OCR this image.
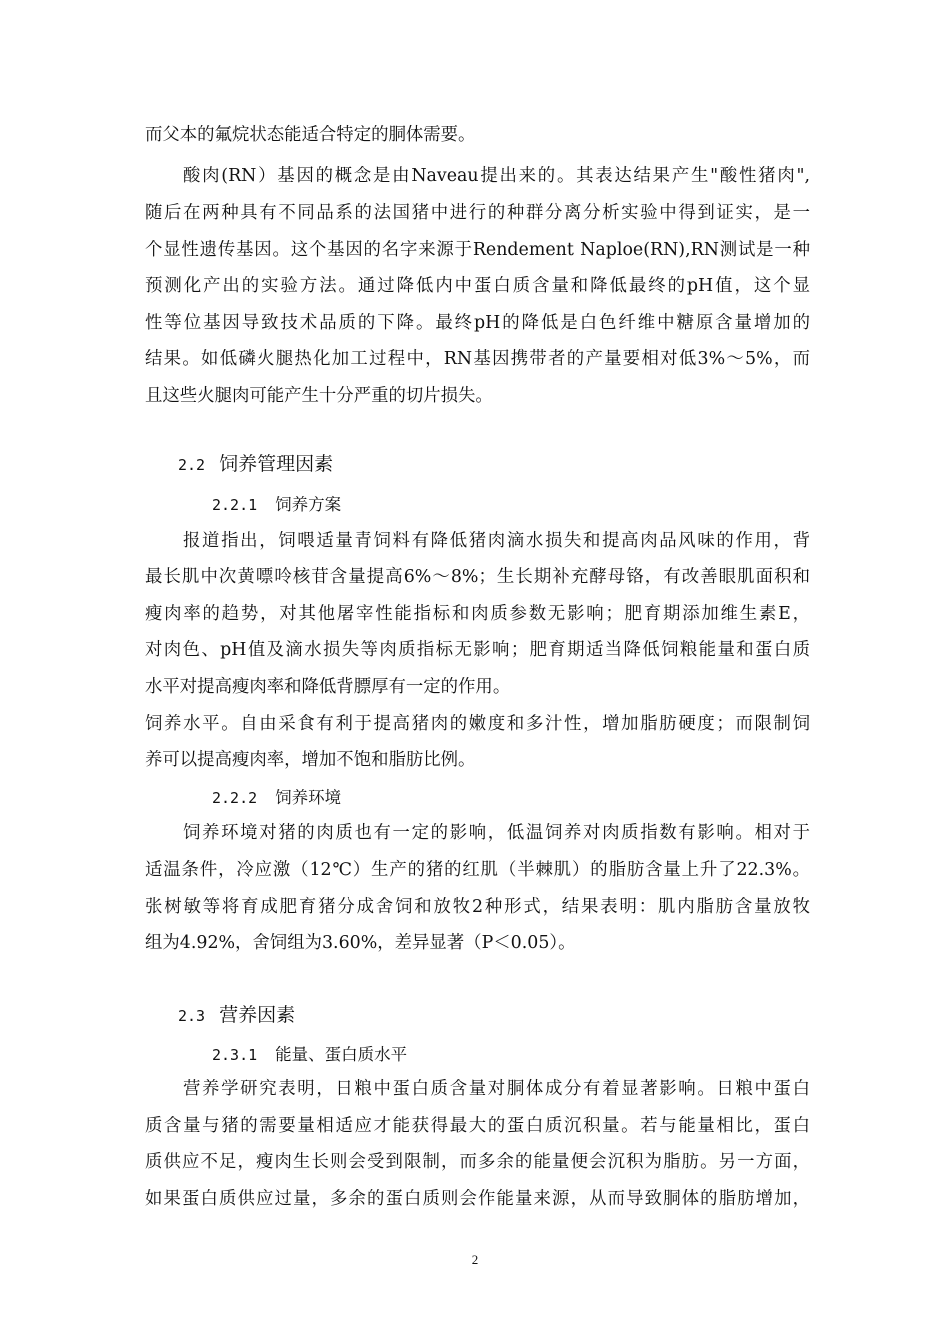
而父本的氟烷状态能适合特定的胴体需要。
酸肉(RN）基因的概念是由Naveau提出来的。其表达结果产生"酸性猪肉",
随后在两种具有不同品系的法国猪中进行的种群分离分析实验中得到证实，是一
个显性遗传基因。这个基因的名字来源于Rendement Naploe(RN),RN测试是一种
预测化产出的实验方法。通过降低内中蛋白质含量和降低最终的pH值，这个显
性等位基因导致技术品质的下降。最终pH的降低是白色纤维中糖原含量增加的
结果。如低磷火腿热化加工过程中，RN基因携带者的产量要相对低3%～5%，而
且这些火腿肉可能产生十分严重的切片损失。
2.2 饲养管理因素
2.2.1 饲养方案
报道指出，饲喂适量青饲料有降低猪肉滴水损失和提高肉品风味的作用，背
最长肌中次黄嘌呤核苷含量提高6%～8%；生长期补充酵母铬，有改善眼肌面积和
瘦肉率的趋势，对其他屠宰性能指标和肉质参数无影响；肥育期添加维生素E，
对肉色、pH值及滴水损失等肉质指标无影响；肥育期适当降低饲粮能量和蛋白质
水平对提高瘦肉率和降低背膘厚有一定的作用。
饲养水平。自由采食有利于提高猪肉的嫩度和多汁性，增加脂肪硬度；而限制饲
养可以提高瘦肉率，增加不饱和脂肪比例。
2.2.2 饲养环境
饲养环境对猪的肉质也有一定的影响，低温饲养对肉质指数有影响。相对于
适温条件，冷应激（12℃）生产的猪的红肌（半棘肌）的脂肪含量上升了22.3%。
张树敏等将育成肥育猪分成舍饲和放牧2种形式，结果表明：肌内脂肪含量放牧
组为4.92%，舍饲组为3.60%，差异显著（P＜0.05）。
2.3 营养因素
2.3.1 能量、蛋白质水平
营养学研究表明，日粮中蛋白质含量对胴体成分有着显著影响。日粮中蛋白
质含量与猪的需要量相适应才能获得最大的蛋白质沉积量。若与能量相比，蛋白
质供应不足，瘦肉生长则会受到限制，而多余的能量便会沉积为脂肪。另一方面，
如果蛋白质供应过量，多余的蛋白质则会作能量来源，从而导致胴体的脂肪增加，
2
